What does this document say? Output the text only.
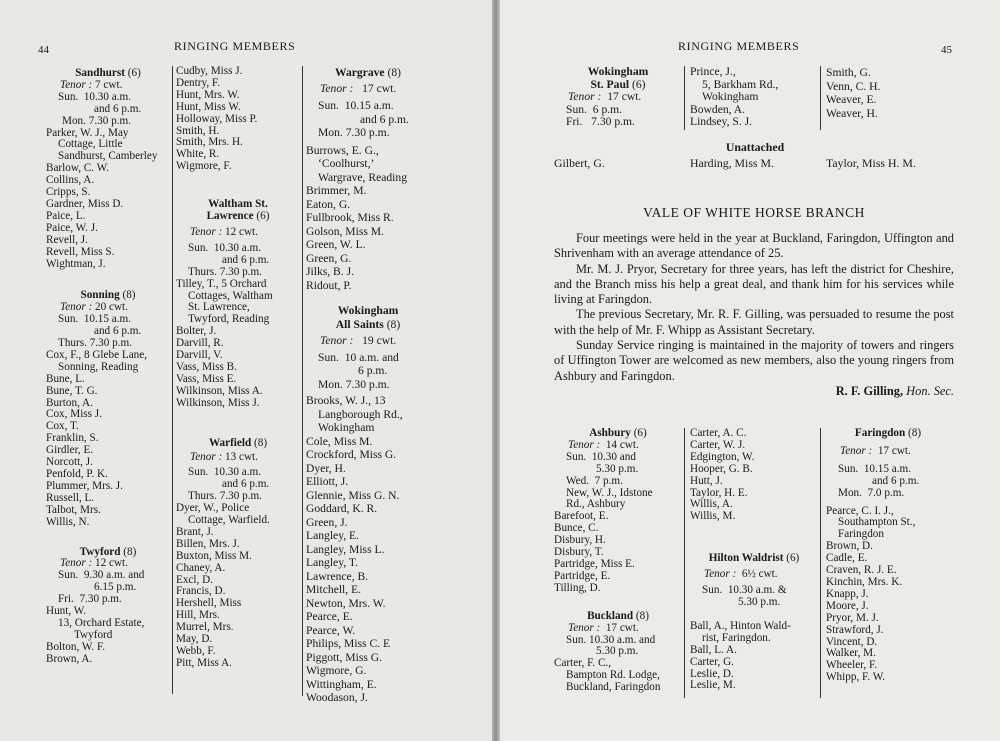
44	RINGING MEMBERS
Sandhurst (6)
Tenor : 7 cwt.
Sun. 10.30 a.m.
and 6 p.m.
Mon. 7.30 p.m.
Parker, W. J., May
Cottage, Little
Sandhurst, Camberley
Barlow, C. W.
Collins, A.
Cripps, S.
Gardner, Miss D.
Paice, L.
Paice, W. J.
Revell, J.
Revell, Miss S.
Wightman, J.
Sonning (8)
Tenor : 20 cwt.
Sun. 10.15 a.m.
and 6 p.m.
Thurs. 7.30 p.m.
Cox, F., 8 Glebe Lane,
Sonning, Reading
Bune, L.
Bune, T. G.
Burton, A.
Cox, Miss J.
Cox, T.
Franklin, S.
Girdler, E.
Norcott, J.
Penfold, P. K.
Plummer, Mrs. J.
Russell, L.
Talbot, Mrs.
Willis, N.
Twyford (8)
Tenor : 12 cwt.
Sun. 9.30 a.m. and
6.15 p.m.
Fri. 7.30 p.m.
Hunt, W.
13, Orchard Estate,
Twyford
Bolton, W. F.
Brown, A.
Cudby, Miss J.
Dentry, F.
Hunt, Mrs. W.
Hunt, Miss W.
Holloway, Miss P.
Smith, H.
Smith, Mrs. H.
White, R.
Wigmore, F.
Waltham St.
Lawrence (6)
Tenor : 12 cwt.
Sun. 10.30 a.m.
and 6 p.m.
Thurs. 7.30 p.m.
Tilley, T., 5 Orchard
Cottages, Waltham
St. Lawrence,
Twyford, Reading
Bolter, J.
Darvill, R.
Darvill, V.
Vass, Miss B.
Vass, Miss E.
Wilkinson, Miss A.
Wilkinson, Miss J.
Warfield (8)
Tenor : 13 cwt.
Sun. 10.30 a.m.
and 6 p.m.
Thurs. 7.30 p.m.
Dyer, W., Police
Cottage, Warfield.
Brant, J.
Billen, Mrs. J.
Buxton, Miss M.
Chaney, A.
Excl, D.
Francis, D.
Hershell, Miss
Hill, Mrs.
Murrel, Mrs.
May, D.
Webb, F.
Pitt, Miss A.
Wargrave (8)
Tenor : 17 cwt.
Sun. 10.15 a.m.
and 6 p.m.
Mon. 7.30 p.m.
Burrows, E. G.,
‘Coolhurst,’
Wargrave, Reading
Brimmer, M.
Eaton, G.
Fullbrook, Miss R.
Golson, Miss M.
Green, W. L.
Green, G.
Jilks, B. J.
Ridout, P.
Wokingham
All Saints (8)
Tenor : 19 cwt.
Sun. 10 a.m. and
6 p.m.
Mon. 7.30 p.m.
Brooks, W. J., 13
Langborough Rd.,
Wokingham
Cole, Miss M.
Crockford, Miss G.
Dyer, H.
Elliott, J.
Glennie, Miss G. N.
Goddard, K. R.
Green, J.
Langley, E.
Langley, Miss L.
Langley, T.
Lawrence, B.
Mitchell, E.
Newton, Mrs. W.
Pearce, E.
Pearce, W.
Philips, Miss C. E
Piggott, Miss G.
Wigmore, G.
Wittingham, E.
Woodason, J.
RINGING MEMBERS	45
Wokingham
St. Paul (6)
Tenor : 17 cwt.
Sun. 6 p.m.
Fri. 7.30 p.m.
Prince, J.,
5, Barkham Rd.,
Wokingham
Bowden, A.
Lindsey, S. J.
Smith, G.
Venn, C. H.
Weaver, E.
Weaver, H.
Unattached
Gilbert, G.	Harding, Miss M.	Taylor, Miss H. M.
VALE OF WHITE HORSE BRANCH

Four meetings were held in the year at Buckland, Faringdon, Uffington and Shrivenham with an average attendance of 25.

Mr. M. J. Pryor, Secretary for three years, has left the district for Cheshire, and the Branch miss his help a great deal, and thank him for his services while living at Faringdon.

The previous Secretary, Mr. R. F. Gilling, was persuaded to resume the post with the help of Mr. F. Whipp as Assistant Secretary.

Sunday Service ringing is maintained in the majority of towers and ringers of Uffington Tower are welcomed as new members, also the young ringers from Ashbury and Faringdon.

R. F. Gilling, Hon. Sec.
Ashbury (6)
Tenor : 14 cwt.
Sun. 10.30 and
5.30 p.m.
Wed. 7 p.m.
New, W. J., Idstone
Rd., Ashbury
Barefoot, E.
Bunce, C.
Disbury, H.
Disbury, T.
Partridge, Miss E.
Partridge, E.
Tilling, D.
Buckland (8)
Tenor : 17 cwt.
Sun. 10.30 a.m. and
5.30 p.m.
Carter, F. C.,
Bampton Rd. Lodge,
Buckland, Faringdon
Carter, A. C.
Carter, W. J.
Edgington, W.
Hooper, G. B.
Hutt, J.
Taylor, H. E.
Willis, A.
Willis, M.
Hilton Waldrist (6)
Tenor : 6½ cwt.
Sun. 10.30 a.m. &
5.30 p.m.
Ball, A., Hinton Wald-
rist, Faringdon.
Ball, L. A.
Carter, G.
Leslie, D.
Leslie, M.
Faringdon (8)
Tenor : 17 cwt.
Sun. 10.15 a.m.
and 6 p.m.
Mon. 7.0 p.m.
Pearce, C. I. J.,
Southampton St.,
Faringdon
Brown, D.
Cadle, E.
Craven, R. J. E.
Kinchin, Mrs. K.
Knapp, J.
Moore, J.
Pryor, M. J.
Strawford, J.
Vincent, D.
Walker, M.
Wheeler, F.
Whipp, F. W.
